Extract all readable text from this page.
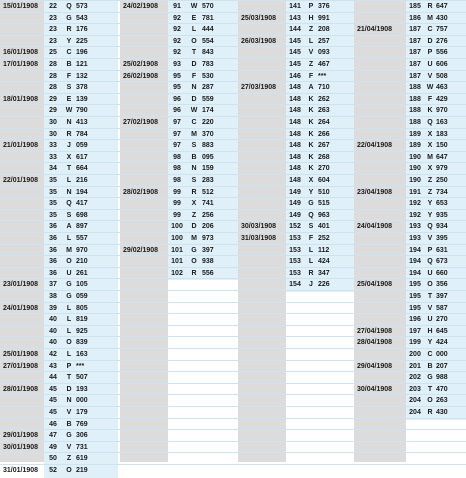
15/01/1908	22	Q 573
23	G 543
23	R 176
23	Y 225
16/01/1908	25	C 196
17/01/1908	28	B 121
28	F 132
28	S 378
18/01/1908	29	E 139
29	W 790
30	N 413
30	R 784
21/01/1908	33	J 059
33	X 617
34	T 664
22/01/1908	35	L 216
35	N 194
35	Q 417
35	S 698
36	A 897
36	L 557
36	M 970
36	O 210
36	U 261
23/01/1908	37	G 105
38	G 059
24/01/1908	39	L 805
40	L 819
40	L 925
40	O 839
25/01/1908	42	L 163
27/01/1908	43	P ***
44	T 507
28/01/1908	45	D 193
45	N 000
45	V 179
46	B 769
29/01/1908	47	G 306
30/01/1908	49	V 731
50	Z 619
31/01/1908	52	O 219
24/02/1908	91	W 570
92	E 781
92	L 444
92	O 554
92	T 843
25/02/1908	93	D 783
26/02/1908	95	F 530
95	N 287
96	D 559
96	W 174
27/02/1908	97	C 220
97	M 370
97	S 883
98	B 095
98	N 159
98	S 283
28/02/1908	99	R 512
99	X 741
99	Z 256
100	D 206
100	M 973
29/02/1908	101	G 397
101	O 938
102	R 556
141	P 376
25/03/1908	143	H 991
144	Z 208
26/03/1908	145	L 257
145	V 093
145	Z 467
146	F ***
27/03/1908	148	A 710
148	K 262
148	K 263
148	K 264
148	K 266
148	K 267
148	K 268
148	K 270
148	X 604
149	Y 510
149	G 515
149	Q 963
30/03/1908	152	S 401
31/03/1908	153	F 252
153	L 112
153	L 424
153	R 347
154	J 226
185 R 647
186 M 430
21/04/1908	187 C 757
187 D 276
187 P 556
187 U 606
187 V 508
188 W 463
188	F 429
188 K 970
188 Q 163
189 X 183
22/04/1908	189 X 150
190 M 647
190 X 979
190	Z 250
23/04/1908	191	Z 734
192 Y 653
192 Y 935
24/04/1908	193 Q 934
193 V 395
194 P 631
194 Q 673
194 U 660
25/04/1908	195 O 356
195	T 397
195 V 587
196 U 270
27/04/1908	197 H 645
28/04/1908	199 Y 424
200 C 000
29/04/1908	201 B 207
202 G 988
30/04/1908	203	T 470
204 O 263
204 R 430
